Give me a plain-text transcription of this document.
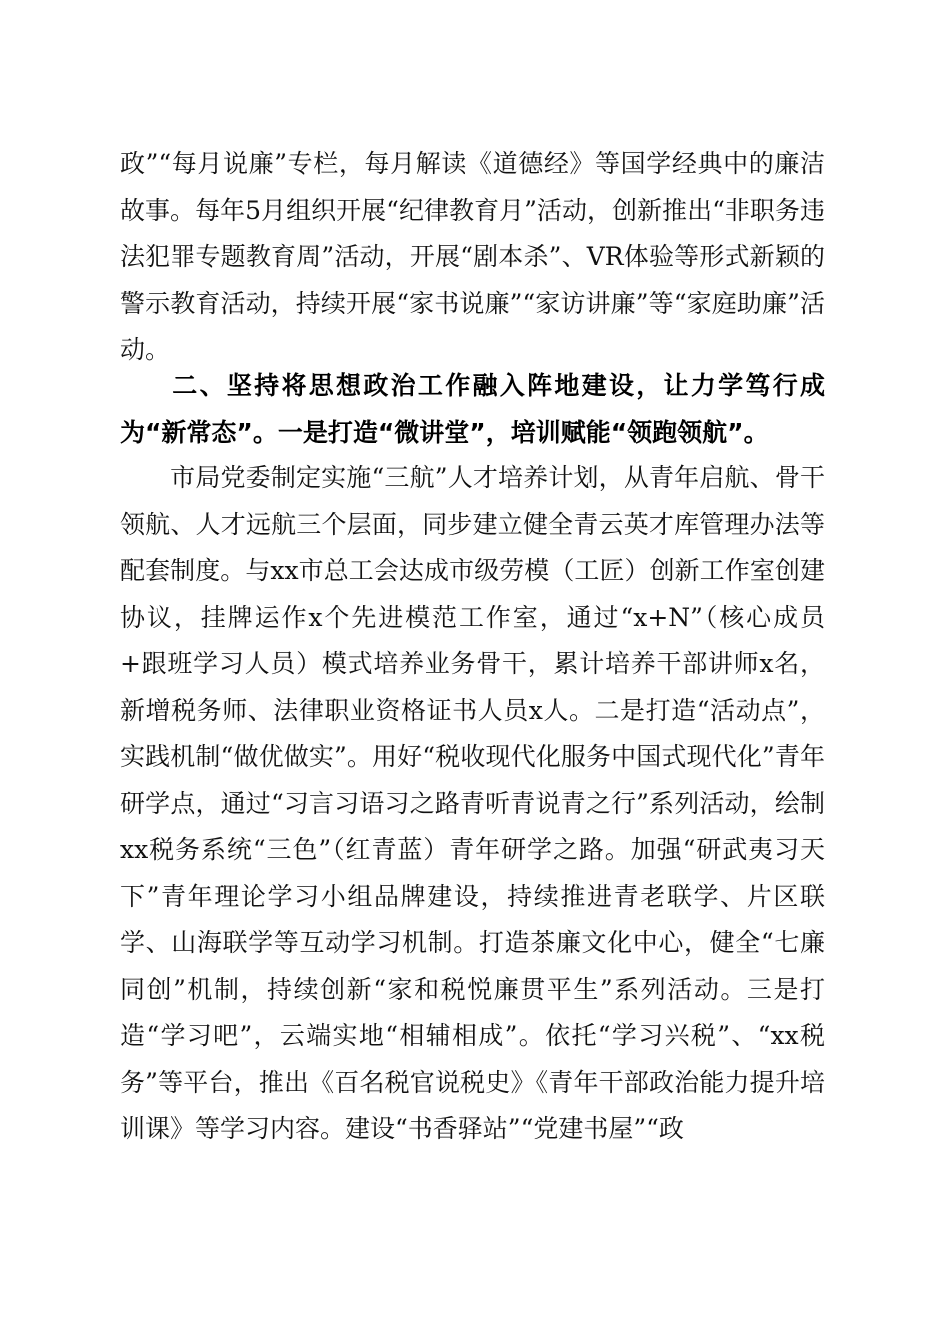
政”“每月说廉”专栏，每月解读《道德经》等国学经典中的廉洁故事。每年5月组织开展“纪律教育月”活动，创新推出“非职务违法犯罪专题教育周”活动，开展“剧本杀”、VR体验等形式新颖的警示教育活动，持续开展“家书说廉”“家访讲廉”等“家庭助廉”活动。
二、坚持将思想政治工作融入阵地建设，让力学笃行成为“新常态”。一是打造“微讲堂”，培训赋能“领跑领航”。
市局党委制定实施“三航”人才培养计划，从青年启航、骨干领航、人才远航三个层面，同步建立健全青云英才库管理办法等配套制度。与xx市总工会达成市级劳模（工匠）创新工作室创建协议，挂牌运作x个先进模范工作室，通过“x+N”（核心成员+跟班学习人员）模式培养业务骨干，累计培养干部讲师x名，新增税务师、法律职业资格证书人员x人。二是打造“活动点”，实践机制“做优做实”。用好“税收现代化服务中国式现代化”青年研学点，通过“习言习语习之路青听青说青之行”系列活动，绘制xx税务系统“三色”（红青蓝）青年研学之路。加强“研武夷习天下”青年理论学习小组品牌建设，持续推进青老联学、片区联学、山海联学等互动学习机制。打造茶廉文化中心，健全“七廉同创”机制，持续创新“家和税悦廉贯平生”系列活动。三是打造“学习吧”，云端实地“相辅相成”。依托“学习兴税”、“xx税务”等平台，推出《百名税官说税史》《青年干部政治能力提升培训课》等学习内容。建设“书香驿站”“党建书屋”“政
